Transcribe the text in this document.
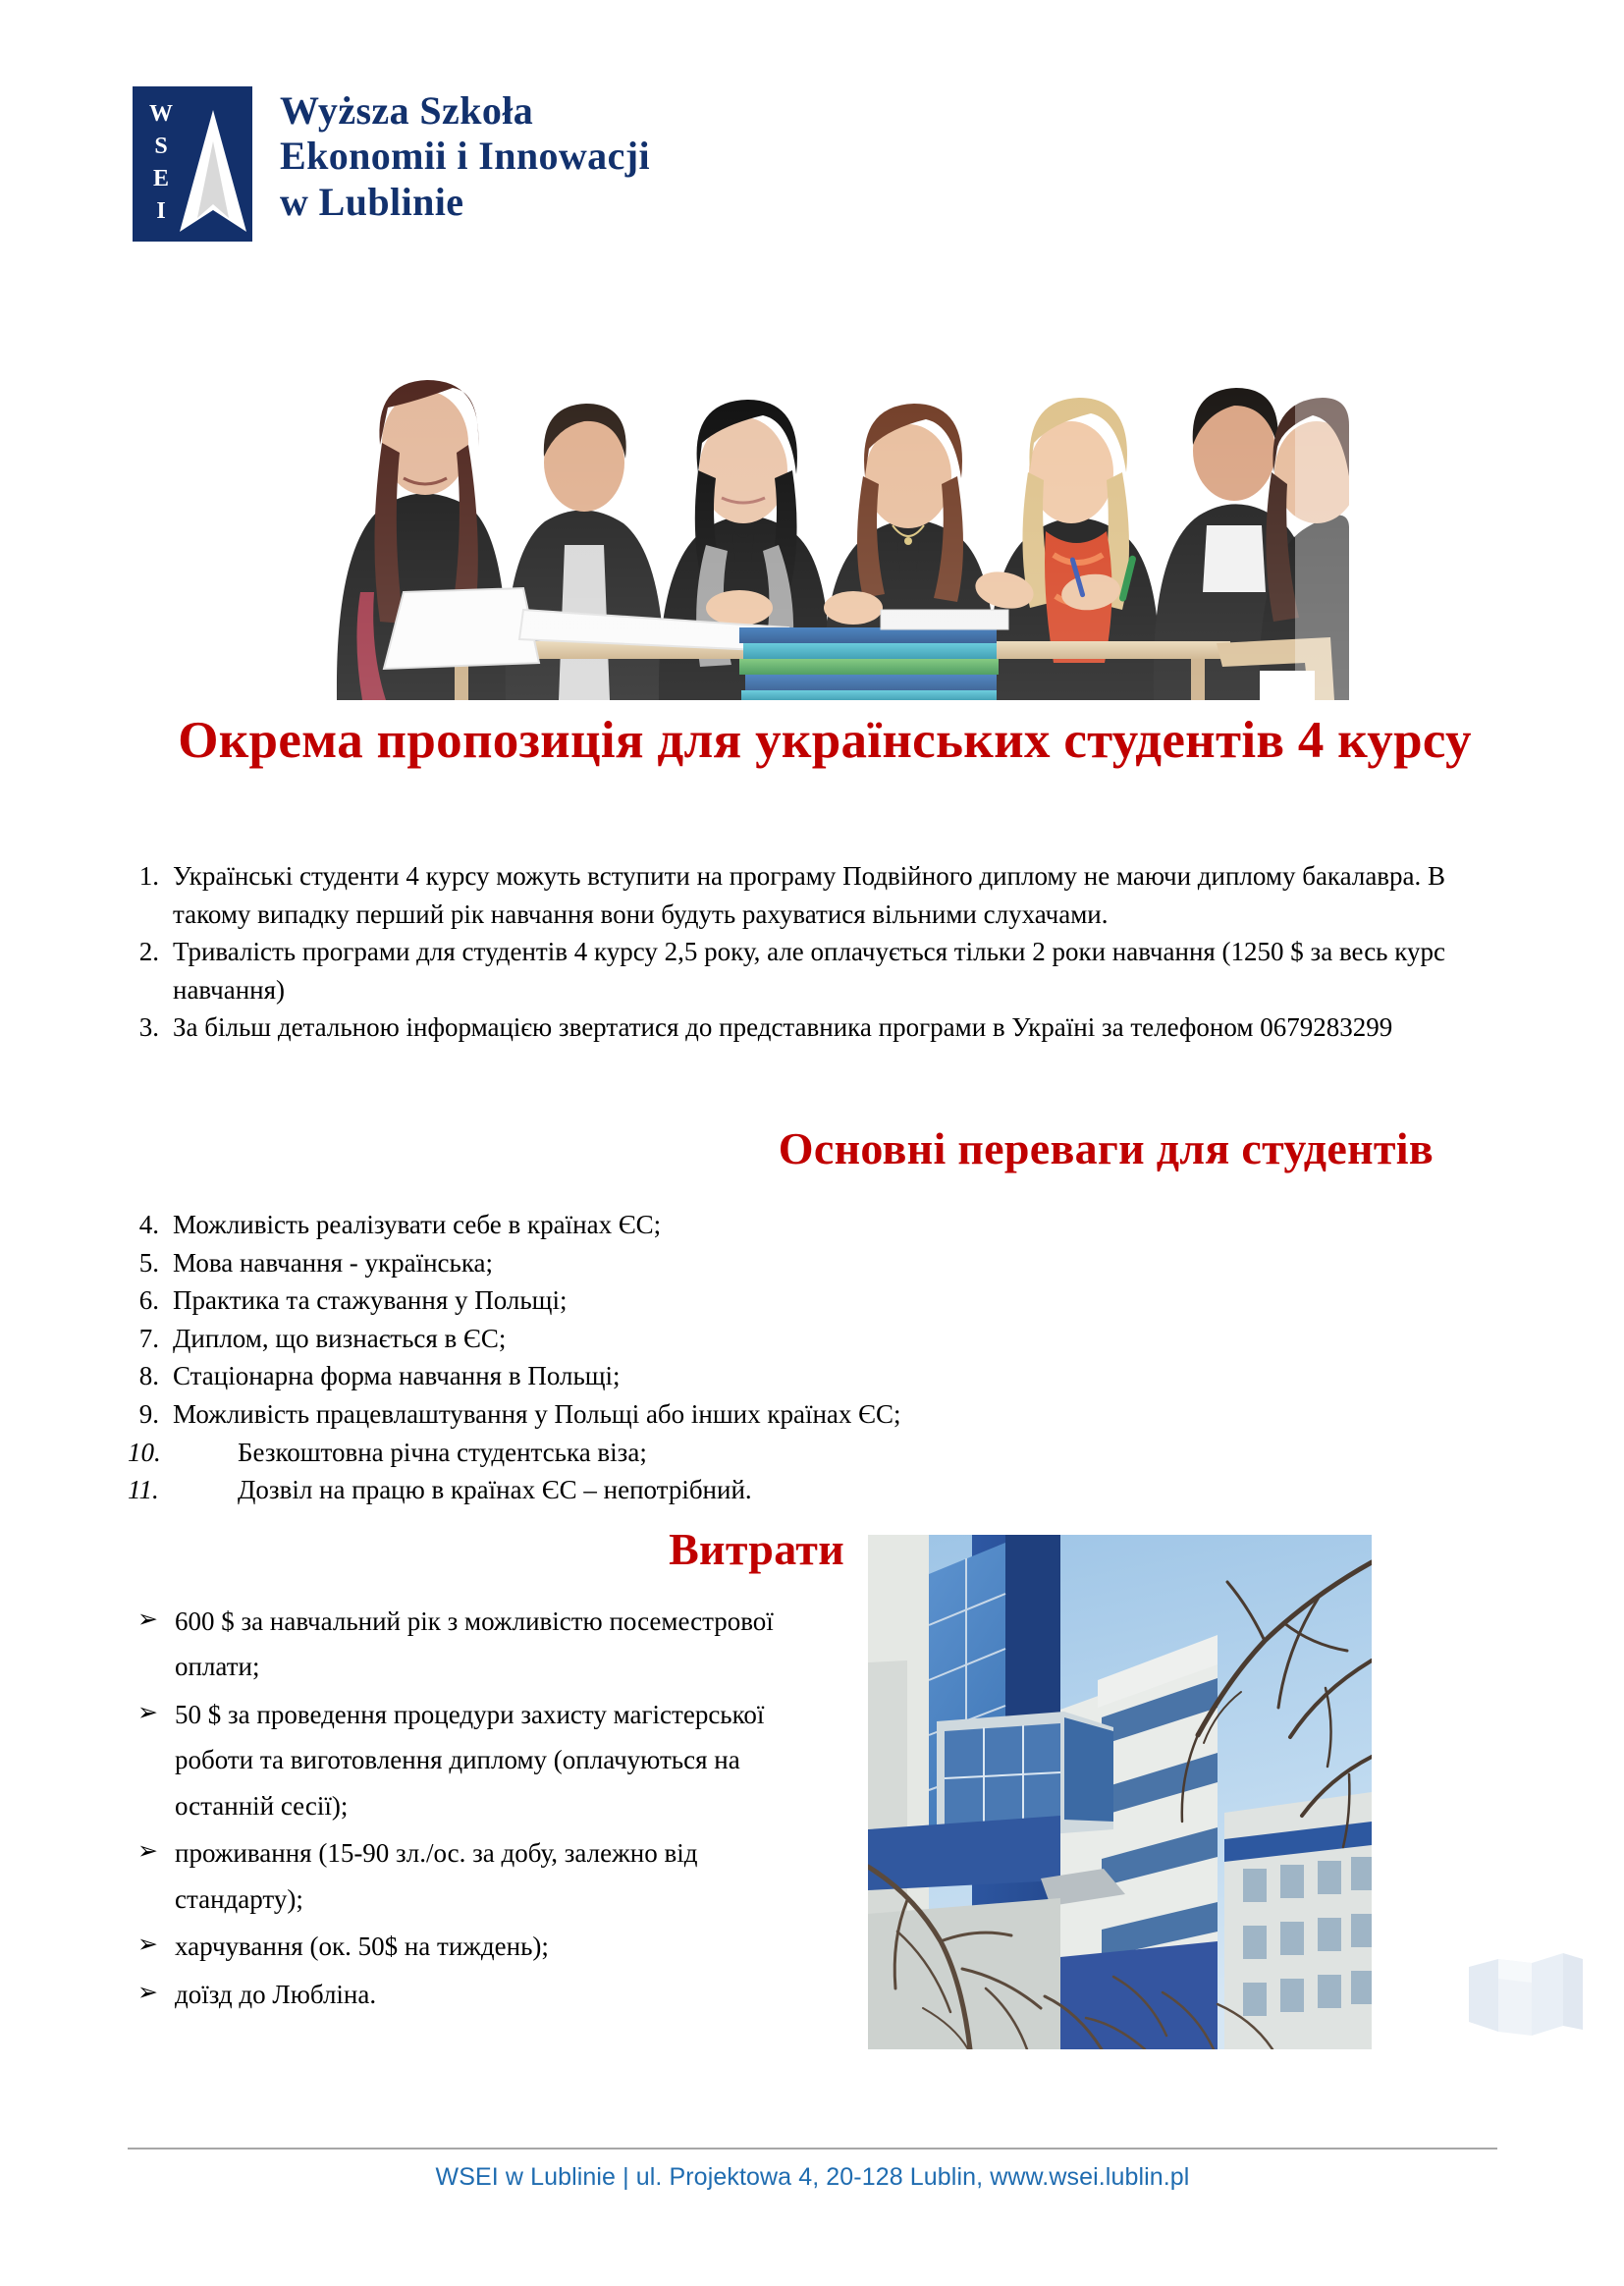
W
S
E
I
Wyższa Szkoła
Ekonomii i Innowacji
w Lublinie
Окрема пропозиція для українських студентів 4 курсу
1. Українські студенти 4 курсу можуть вступити на програму Подвійного диплому не маючи диплому бакалавра. В такому випадку перший рік навчання вони будуть рахуватися вільними слухачами.
2. Тривалість програми для студентів 4 курсу 2,5 року, але оплачується тільки 2 роки навчання (1250 $ за весь курс навчання)
3. За більш детальною інформацією звертатися до представника програми в Україні за телефоном 0679283299
Основні переваги для студентів
4. Можливість реалізувати себе в країнах ЄС;
5. Мова навчання - українська;
6. Практика та стажування у Польщі;
7. Диплом, що визнається в ЄС;
8. Стаціонарна форма навчання в Польщі;
9. Можливість працевлаштування у Польщі або інших країнах ЄС;
10.	Безкоштовна річна студентська віза;
11.	Дозвіл на працю в країнах ЄС – непотрібний.
Витрати
➢ 600 $ за навчальний рік з можливістю посеместрової оплати;
➢ 50 $ за проведення процедури захисту магістерської роботи та виготовлення диплому (оплачуються на останній сесії);
➢ проживання (15-90 зл./ос. за добу, залежно від стандарту);
➢ харчування (ок. 50$ на тиждень);
➢ доїзд до Любліна.
WSEI w Lublinie | ul. Projektowa 4, 20-128 Lublin, www.wsei.lublin.pl
